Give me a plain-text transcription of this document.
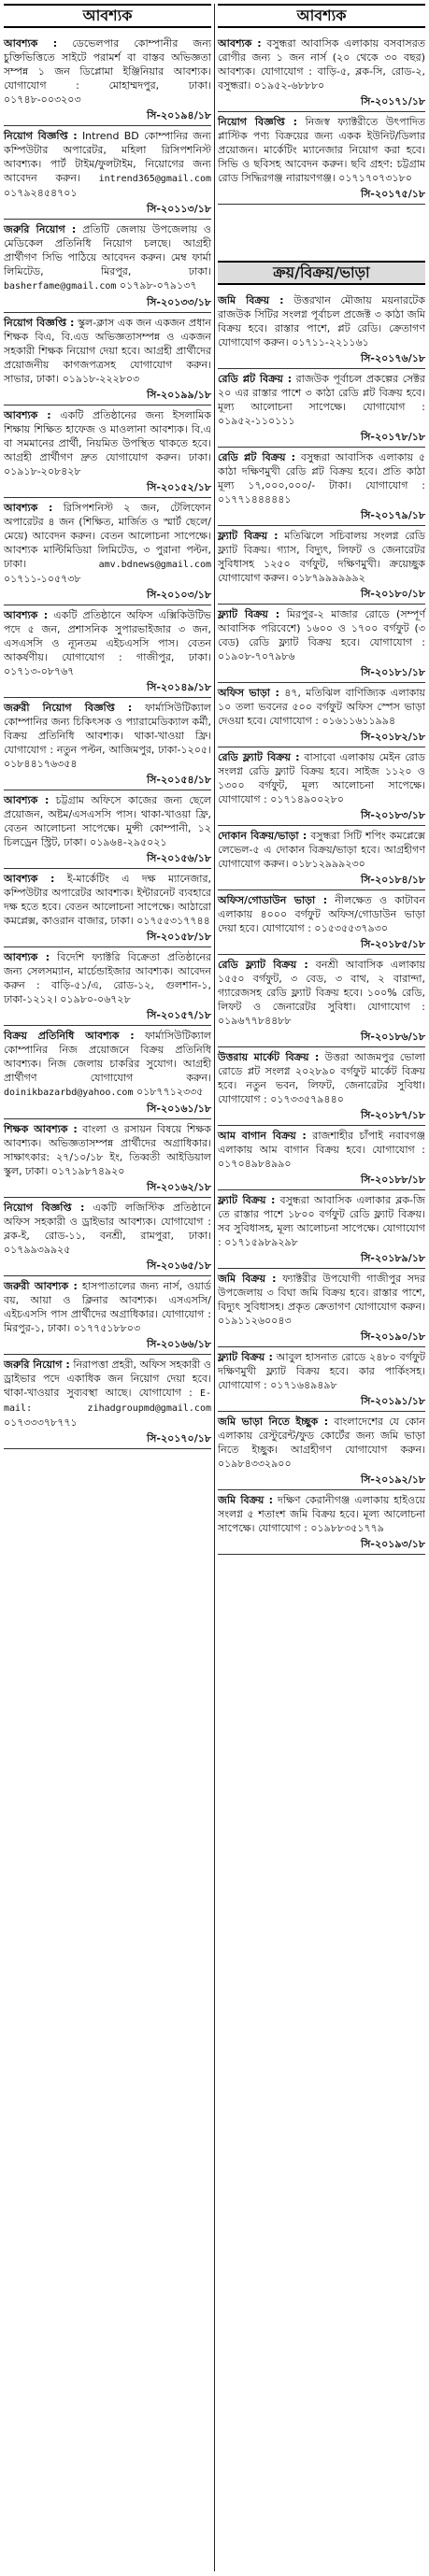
আবশ্যক
আবশ্যক : ডেভেলপার কোম্পানীর জন্য চুক্তিভিত্তিতে সাইটে পরামর্শ বা বাস্তব অভিজ্ঞতা সম্পন্ন ১ জন ডিপ্লোমা ইঞ্জিনিয়ার আবশ্যক। যোগাযোগ : মোহাম্মদপুর, ঢাকা। ০১৭৪৮-০০৩২০৩
সি-২০১৯৪/১৮
নিয়োগ বিজ্ঞপ্তি : Intrend BD কোম্পানির জন্য কম্পিউটার অপারেটর, মহিলা রিসিপশনিস্ট আবশ্যক। পার্ট টাইম/ফুলটাইম, নিয়োগের জন্য আবেদন করুন। intrend365@gmail.com ০১৭৯২৪৫৪৭০১
সি-২০১১৩/১৮
জরুরি নিয়োগ : প্রতিটি জেলায় উপজেলায় ও মেডিকেল প্রতিনিধি নিয়োগ চলছে। আগ্রহী প্রার্থীগণ সিভি পাঠিয়ে আবেদন করুন। মেম্ব ফার্মা লিমিটেড, মিরপুর, ঢাকা। basherfame@gmail.com ০১৭৯৮-০৭৯১৩৭
সি-২০১৩৩/১৮
নিয়োগ বিজ্ঞপ্তি : স্কুল-ক্লাস এক জন একজন প্রধান শিক্ষক বিএ, বি.এড অভিজ্ঞতাসম্পন্ন ও একজন সহকারী শিক্ষক নিয়োগ দেয়া হবে। আগ্রহী প্রার্থীদের প্রয়োজনীয় কাগজপত্রসহ যোগাযোগ করুন। সাভার, ঢাকা। ০১৯১৮-২২২৮০৩
সি-২০১৯৯/১৮
আবশ্যক : একটি প্রতিষ্ঠানের জন্য ইসলামিক শিক্ষায় শিক্ষিত হাফেজ ও মাওলানা আবশ্যক। বি.এ বা সমমানের প্রার্থী, নিয়মিত উপস্থিত থাকতে হবে। আগ্রহী প্রার্থীগণ দ্রুত যোগাযোগ করুন। ঢাকা। ০১৯১৮-২০৮৪২৮
সি-২০১৫২/১৮
আবশ্যক : রিসিপশনিস্ট ২ জন, টেলিফোন অপারেটর ৪ জন (শিক্ষিত, মার্জিত ও স্মার্ট ছেলে/মেয়ে) আবেদন করুন। বেতন আলোচনা সাপেক্ষে। আবশ্যক মাল্টিমিডিয়া লিমিটেড, ৩ পুরানা পল্টন, ঢাকা।	amv.bdnews@gmail.com ০১৭১১-১০৫৭৩৮
সি-২০১০৩/১৮
আবশ্যক : একটি প্রতিষ্ঠানে অফিস এক্সিকিউটিভ পদে ৫ জন, প্রশাসনিক সুপারভাইজার ৩ জন, এসএসসি ও ন্যূনতম এইচএসসি পাস। বেতন আকর্ষণীয়। যোগাযোগ : গাজীপুর, ঢাকা। ০১৭১৩-০৮৭৬৭
সি-২০১৪৯/১৮
জরুরী নিয়োগ বিজ্ঞপ্তি : ফার্মাসিউটিক্যাল কোম্পানির জন্য চিকিৎসক ও প্যারামেডিক্যাল কর্মী, বিক্রয় প্রতিনিধি আবশ্যক। থাকা-খাওয়া ফ্রি। যোগাযোগ : নতুন পল্টন, আজিমপুর, ঢাকা-১২০৫। ০১৮৪৪১৭৬৩৫৪
সি-২০১৫৪/১৮
আবশ্যক : চট্টগ্রাম অফিসে কাজের জন্য ছেলে প্রয়োজন, অষ্টম/এসএসসি পাস। থাকা-খাওয়া ফ্রি, বেতন আলোচনা সাপেক্ষে। মুন্সী কোম্পানী, ১২ চিলড্রেন স্ট্রিট, ঢাকা। ০১৯৬৪-২৯৫০২১
সি-২০১৫৬/১৮
আবশ্যক : ই-মার্কেটিং এ দক্ষ ম্যানেজার, কম্পিউটার অপারেটর আবশ্যক। ইন্টারনেট ব্যবহারে দক্ষ হতে হবে। বেতন আলোচনা সাপেক্ষে। আঠারো কমপ্লেক্স, কাওরান বাজার, ঢাকা। ০১৭৫৫৩১৭৭৪৪
সি-২০১৫৮/১৮
আবশ্যক : বিদেশি ফ্যাক্টরি বিক্রেতা প্রতিষ্ঠানের জন্য সেলসম্যান, মার্চেন্ডাইজার আবশ্যক। আবেদন করুন : বাড়ি-৫১/এ, রোড-১২, গুলশান-১, ঢাকা-১২১২। ০১৯৮০-০৬৭২৮
সি-২০১৫৭/১৮
বিক্রয় প্রতিনিধি আবশ্যক : ফার্মাসিউটিক্যাল কোম্পানির নিজ প্রয়োজনে বিক্রয় প্রতিনিধি আবশ্যক। নিজ জেলায় চাকরির সুযোগ। আগ্রহী প্রার্থীগণ যোগাযোগ করুন। doinikbazarbd@yahoo.com ০১৮৭৭১২৩৩৫
সি-২০১৬১/১৮
শিক্ষক আবশ্যক : বাংলা ও রসায়ন বিষয়ে শিক্ষক আবশ্যক। অভিজ্ঞতাসম্পন্ন প্রার্থীদের অগ্রাধিকার। সাক্ষাৎকার: ২৭/১০/১৮ ইং, তিব্বতী আইডিয়াল স্কুল, ঢাকা। ০১৭১৯৮৭৪৯২০
সি-২০১৬২/১৮
নিয়োগ বিজ্ঞপ্তি : একটি লজিস্টিক প্রতিষ্ঠানে অফিস সহকারী ও ড্রাইভার আবশ্যক। যোগাযোগ : ব্লক-ই, রোড-১১, বনশ্রী, রামপুরা, ঢাকা। ০১৭৯৯৩৯৯২৫
সি-২০১৬৫/১৮
জরুরী আবশ্যক : হাসপাতালের জন্য নার্স, ওয়ার্ড বয়, আয়া ও ক্লিনার আবশ্যক। এসএসসি/এইচএসসি পাস প্রার্থীদের অগ্রাধিকার। যোগাযোগ : মিরপুর-১, ঢাকা। ০১৭৭৫১৮৮০৩
সি-২০১৬৬/১৮
জরুরি নিয়োগ : নিরাপত্তা প্রহরী, অফিস সহকারী ও ড্রাইভার পদে একাধিক জন নিয়োগ দেয়া হবে। থাকা-খাওয়ার সুব্যবস্থা আছে। যোগাযোগ : E-mail: zihadgroupmd@gmail.com ০১৭৩৩৩৭৮৭৭১
সি-২০১৭০/১৮
আবশ্যক
আবশ্যক : বসুন্ধরা আবাসিক এলাকায় বসবাসরত রোগীর জন্য ১ জন নার্স (২০ থেকে ৩০ বছর) আবশ্যক। যোগাযোগ : বাড়ি-৫, ব্লক-সি, রোড-২, বসুন্ধরা। ০১৯৫২-৬৮৮৮০
সি-২০১৭১/১৮
নিয়োগ বিজ্ঞপ্তি : নিজস্ব ফ্যাক্টরীতে উৎপাদিত প্লাস্টিক পণ্য বিক্রয়ের জন্য একক ইউনিট/ডিলার প্রয়োজন। মার্কেটিং ম্যানেজার নিয়োগ করা হবে। সিভি ও ছবিসহ আবেদন করুন। ছবি গ্রহণ: চট্টগ্রাম রোড সিদ্ধিরগঞ্জ নারায়ণগঞ্জ। ০১৭১৭০৭৩১৮০
সি-২০১৭৫/১৮
ক্রয়/বিক্রয়/ভাড়া
জমি বিক্রয় : উত্তরখান মৌজায় ময়নারটেক রাজউক সিটির সংলগ্ন পূর্বাচল প্রজেক্ট ৩ কাঠা জমি বিক্রয় হবে। রাস্তার পাশে, প্লট রেডি। ক্রেতাগণ যোগাযোগ করুন। ০১৭১১-২২১১৬১
সি-২০১৭৬/১৮
রেডি প্লট বিক্রয় : রাজউক পূর্বাচল প্রকল্পের সেক্টর ২০ এর রাস্তার পাশে ৩ কাঠা রেডি প্লট বিক্রয় হবে। মূল্য আলোচনা সাপেক্ষে। যোগাযোগ : ০১৯৫২-১১০১১১
সি-২০১৭৮/১৮
রেডি প্লট বিক্রয় : বসুন্ধরা আবাসিক এলাকায় ৫ কাঠা দক্ষিণমুখী রেডি প্লট বিক্রয় হবে। প্রতি কাঠা মূল্য ১৭,০০০,০০০/- টাকা। যোগাযোগ : ০১৭৭১৪৪৪৪৪১
সি-২০১৭৯/১৮
ফ্ল্যাট বিক্রয় : মতিঝিলে সচিবালয় সংলগ্ন রেডি ফ্ল্যাট বিক্রয়। গ্যাস, বিদ্যুৎ, লিফট ও জেনারেটর সুবিধাসহ ১২৫০ বর্গফুট, দক্ষিণমুখী। ক্রয়েচ্ছুক যোগাযোগ করুন। ০১৮৭৯৯৯৯৯৯২
সি-২০১৮০/১৮
ফ্ল্যাট বিক্রয় : মিরপুর-২ মাজার রোডে (সম্পূর্ণ আবাসিক পরিবেশে) ১৬০০ ও ১৭০০ বর্গফুট (৩ বেড) রেডি ফ্ল্যাট বিক্রয় হবে। যোগাযোগ : ০১৯০৮-৭০৭৯৮৬
সি-২০১৮১/১৮
অফিস ভাড়া : ৪৭, মতিঝিল বাণিজ্যিক এলাকায় ১০ তলা ভবনের ৫০০ বর্গফুট অফিস স্পেস ভাড়া দেওয়া হবে। যোগাযোগ : ০১৬১১৬১১৯৯৪
সি-২০১৮২/১৮
রেডি ফ্ল্যাট বিক্রয় : বাসাবো এলাকায় মেইন রোড সংলগ্ন রেডি ফ্ল্যাট বিক্রয় হবে। সাইজ ১১২০ ও ১৩০০ বর্গফুট, মূল্য আলোচনা সাপেক্ষে। যোগাযোগ : ০১৭১৪৯০০২৮০
সি-২০১৮৩/১৮
দোকান বিক্রয়/ভাড়া : বসুন্ধরা সিটি শপিং কমপ্লেক্সে লেভেল-৫ এ দোকান বিক্রয়/ভাড়া হবে। আগ্রহীগণ যোগাযোগ করুন। ০১৮১২৯৯৯২৩০
সি-২০১৮৪/১৮
অফিস/গোডাউন ভাড়া : নীলক্ষেত ও কাটাবন এলাকায় ৪০০০ বর্গফুট অফিস/গোডাউন ভাড়া দেয়া হবে। যোগাযোগ : ০১৫৩৫৫৩৭৯৩০
সি-২০১৮৫/১৮
রেডি ফ্ল্যাট বিক্রয় : বনশ্রী আবাসিক এলাকায় ১৫৫০ বর্গফুট, ৩ বেড, ৩ বাথ, ২ বারান্দা, গ্যারেজসহ রেডি ফ্ল্যাট বিক্রয় হবে। ১০০% রেডি, লিফট ও জেনারেটর সুবিধা। যোগাযোগ : ০১৯৬৭৭৮৪৪৮৮
সি-২০১৮৬/১৮
উত্তরায় মার্কেট বিক্রয় : উত্তরা আজমপুর ভোলা রোডে প্লট সংলগ্ন ২০২৮৯০ বর্গফুট মার্কেট বিক্রয় হবে। নতুন ভবন, লিফট, জেনারেটর সুবিধা। যোগাযোগ : ০১৭৩৩৫৭৯৪৪০
সি-২০১৮৭/১৮
আম বাগান বিক্রয় : রাজশাহীর চাঁপাই নবাবগঞ্জ এলাকায় আম বাগান বিক্রয় হবে। যোগাযোগ : ০১৭০৪৯৮৪৯৯০
সি-২০১৮৮/১৮
ফ্ল্যাট বিক্রয় : বসুন্ধরা আবাসিক এলাকার ব্লক-জি তে রাস্তার পাশে ১৮০০ বর্গফুট রেডি ফ্ল্যাট বিক্রয়। সব সুবিধাসহ, মূল্য আলোচনা সাপেক্ষে। যোগাযোগ : ০১৭১৫৯৮৯২৯৮
সি-২০১৮৯/১৮
জমি বিক্রয় : ফ্যাক্টরীর উপযোগী গাজীপুর সদর উপজেলায় ৩ বিঘা জমি বিক্রয় হবে। রাস্তার পাশে, বিদ্যুৎ সুবিধাসহ। প্রকৃত ক্রেতাগণ যোগাযোগ করুন। ০১৯১১২৬০০৪৩
সি-২০১৯০/১৮
ফ্ল্যাট বিক্রয় : আবুল হাসনাত রোডে ২৪৮০ বর্গফুট দক্ষিণমুখী ফ্ল্যাট বিক্রয় হবে। কার পার্কিংসহ। যোগাযোগ : ০১৭১৬৪৯৪৯৮
সি-২০১৯১/১৮
জমি ভাড়া নিতে ইচ্ছুক : বাংলাদেশের যে কোন এলাকায় রেস্টুরেন্ট/ফুড কোর্টের জন্য জমি ভাড়া নিতে ইচ্ছুক। আগ্রহীগণ যোগাযোগ করুন। ০১৯৮৪৩৩২৯০০
সি-২০১৯২/১৮
জমি বিক্রয় : দক্ষিণ কেরানীগঞ্জ এলাকায় হাইওয়ে সংলগ্ন ৫ শতাংশ জমি বিক্রয় হবে। মূল্য আলোচনা সাপেক্ষে। যোগাযোগ : ০১৯৮৮৩৫১৭৭৯
সি-২০১৯৩/১৮
